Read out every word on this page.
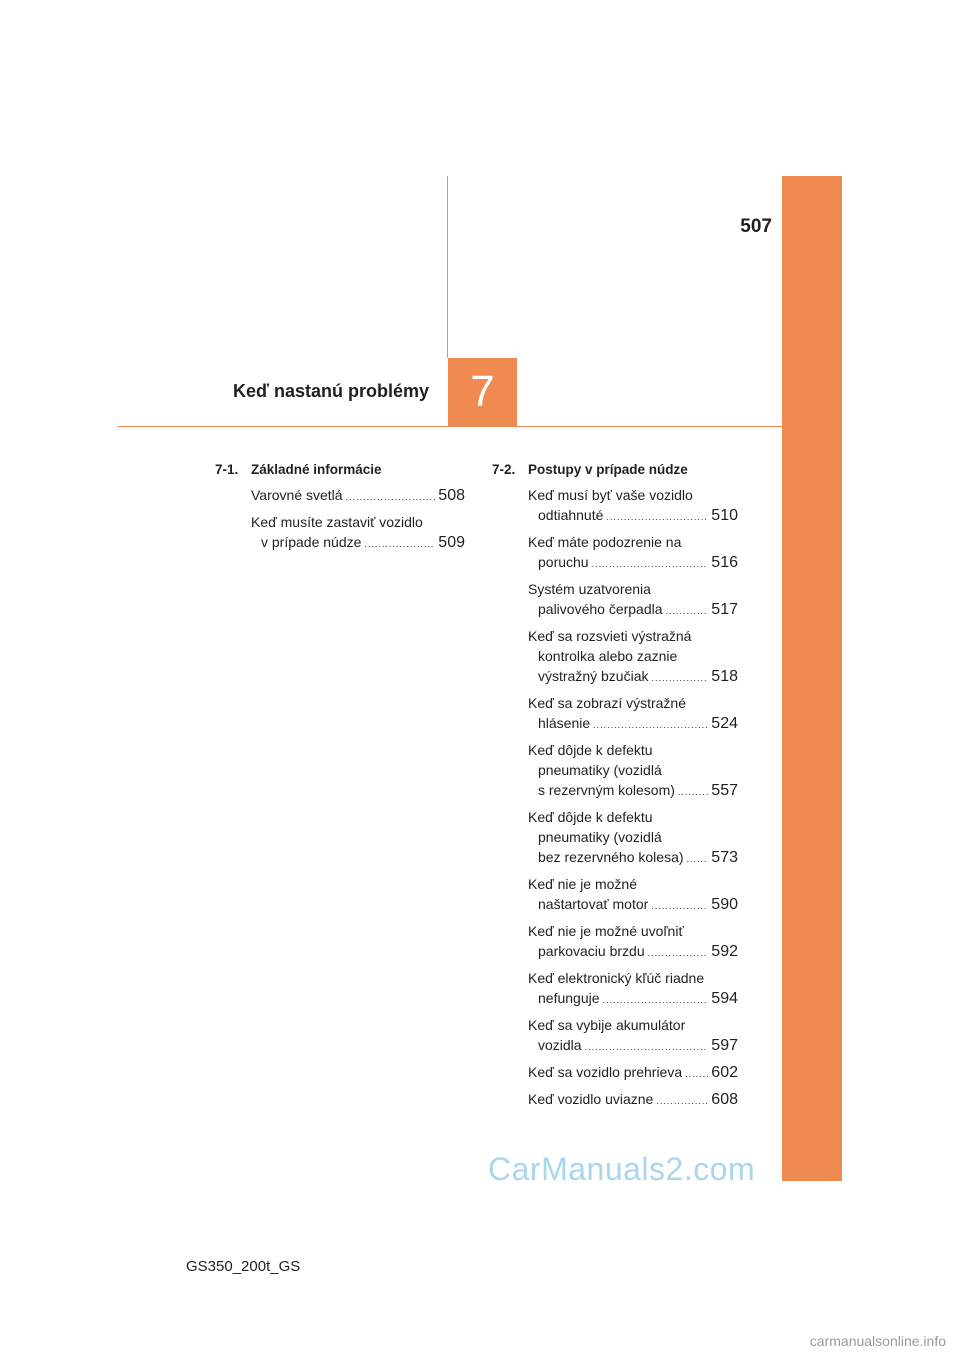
507
Keď nastanú problémy 7
7-1. Základné informácie
Varovné svetlá .....	508
Keď musíte zastaviť vozidlo
v prípade núdze .....	509
7-2. Postupy v prípade núdze
Keď musí byť vaše vozidlo
odtiahnuté .....	510
Keď máte podozrenie na
poruchu .....	516
Systém uzatvorenia
palivového čerpadla .....	517
Keď sa rozsvieti výstražná
kontrolka alebo zaznie
výstražný bzučiak .....	518
Keď sa zobrazí výstražné
hlásenie .....	524
Keď dôjde k defektu
pneumatiky (vozidlá
s rezervným kolesom) ..... 557
Keď dôjde k defektu
pneumatiky (vozidlá
bez rezervného kolesa) ..... 573
Keď nie je možné
naštartovať motor .....	590
Keď nie je možné uvoľniť
parkovaciu brzdu .....	592
Keď elektronický kľúč riadne
nefunguje .....	594
Keď sa vybije akumulátor
vozidla .....	597
Keď sa vozidlo prehrieva ..... 602
Keď vozidlo uviazne .....	608
GS350_200t_GS
CarManuals2.com
carmanualsonline.info
